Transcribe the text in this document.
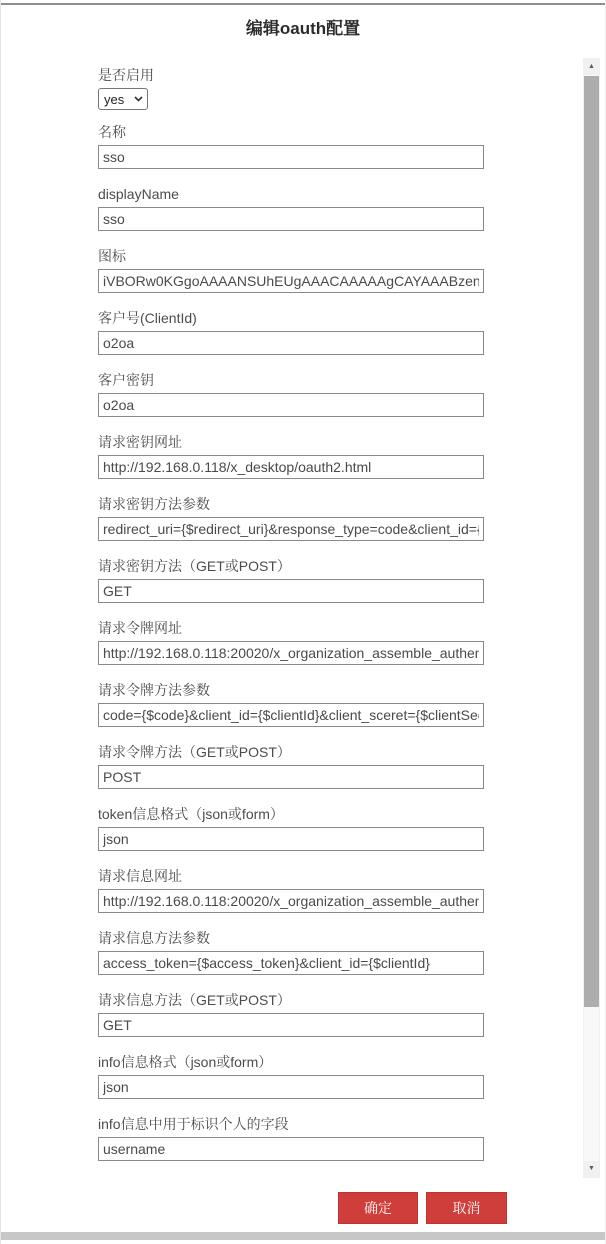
编辑oauth配置
是否启用
yes
名称
sso
displayName
sso
图标
iVBORw0KGgoAAAANSUhEUgAAACAAAAAgCAYAAABzenr0AAAA
客户号(ClientId)
o2oa
客户密钥
o2oa
请求密钥网址
http://192.168.0.118/x_desktop/oauth2.html
请求密钥方法参数
redirect_uri={$redirect_uri}&response_type=code&client_id={$clientId}
请求密钥方法（GET或POST）
GET
请求令牌网址
http://192.168.0.118:20020/x_organization_assemble_authentication
请求令牌方法参数
code={$code}&client_id={$clientId}&client_sceret={$clientSecret}
请求令牌方法（GET或POST）
POST
token信息格式（json或form）
json
请求信息网址
http://192.168.0.118:20020/x_organization_assemble_authentication
请求信息方法参数
access_token={$access_token}&client_id={$clientId}
请求信息方法（GET或POST）
GET
info信息格式（json或form）
json
info信息中用于标识个人的字段
username
▲
▼
确定	取消
